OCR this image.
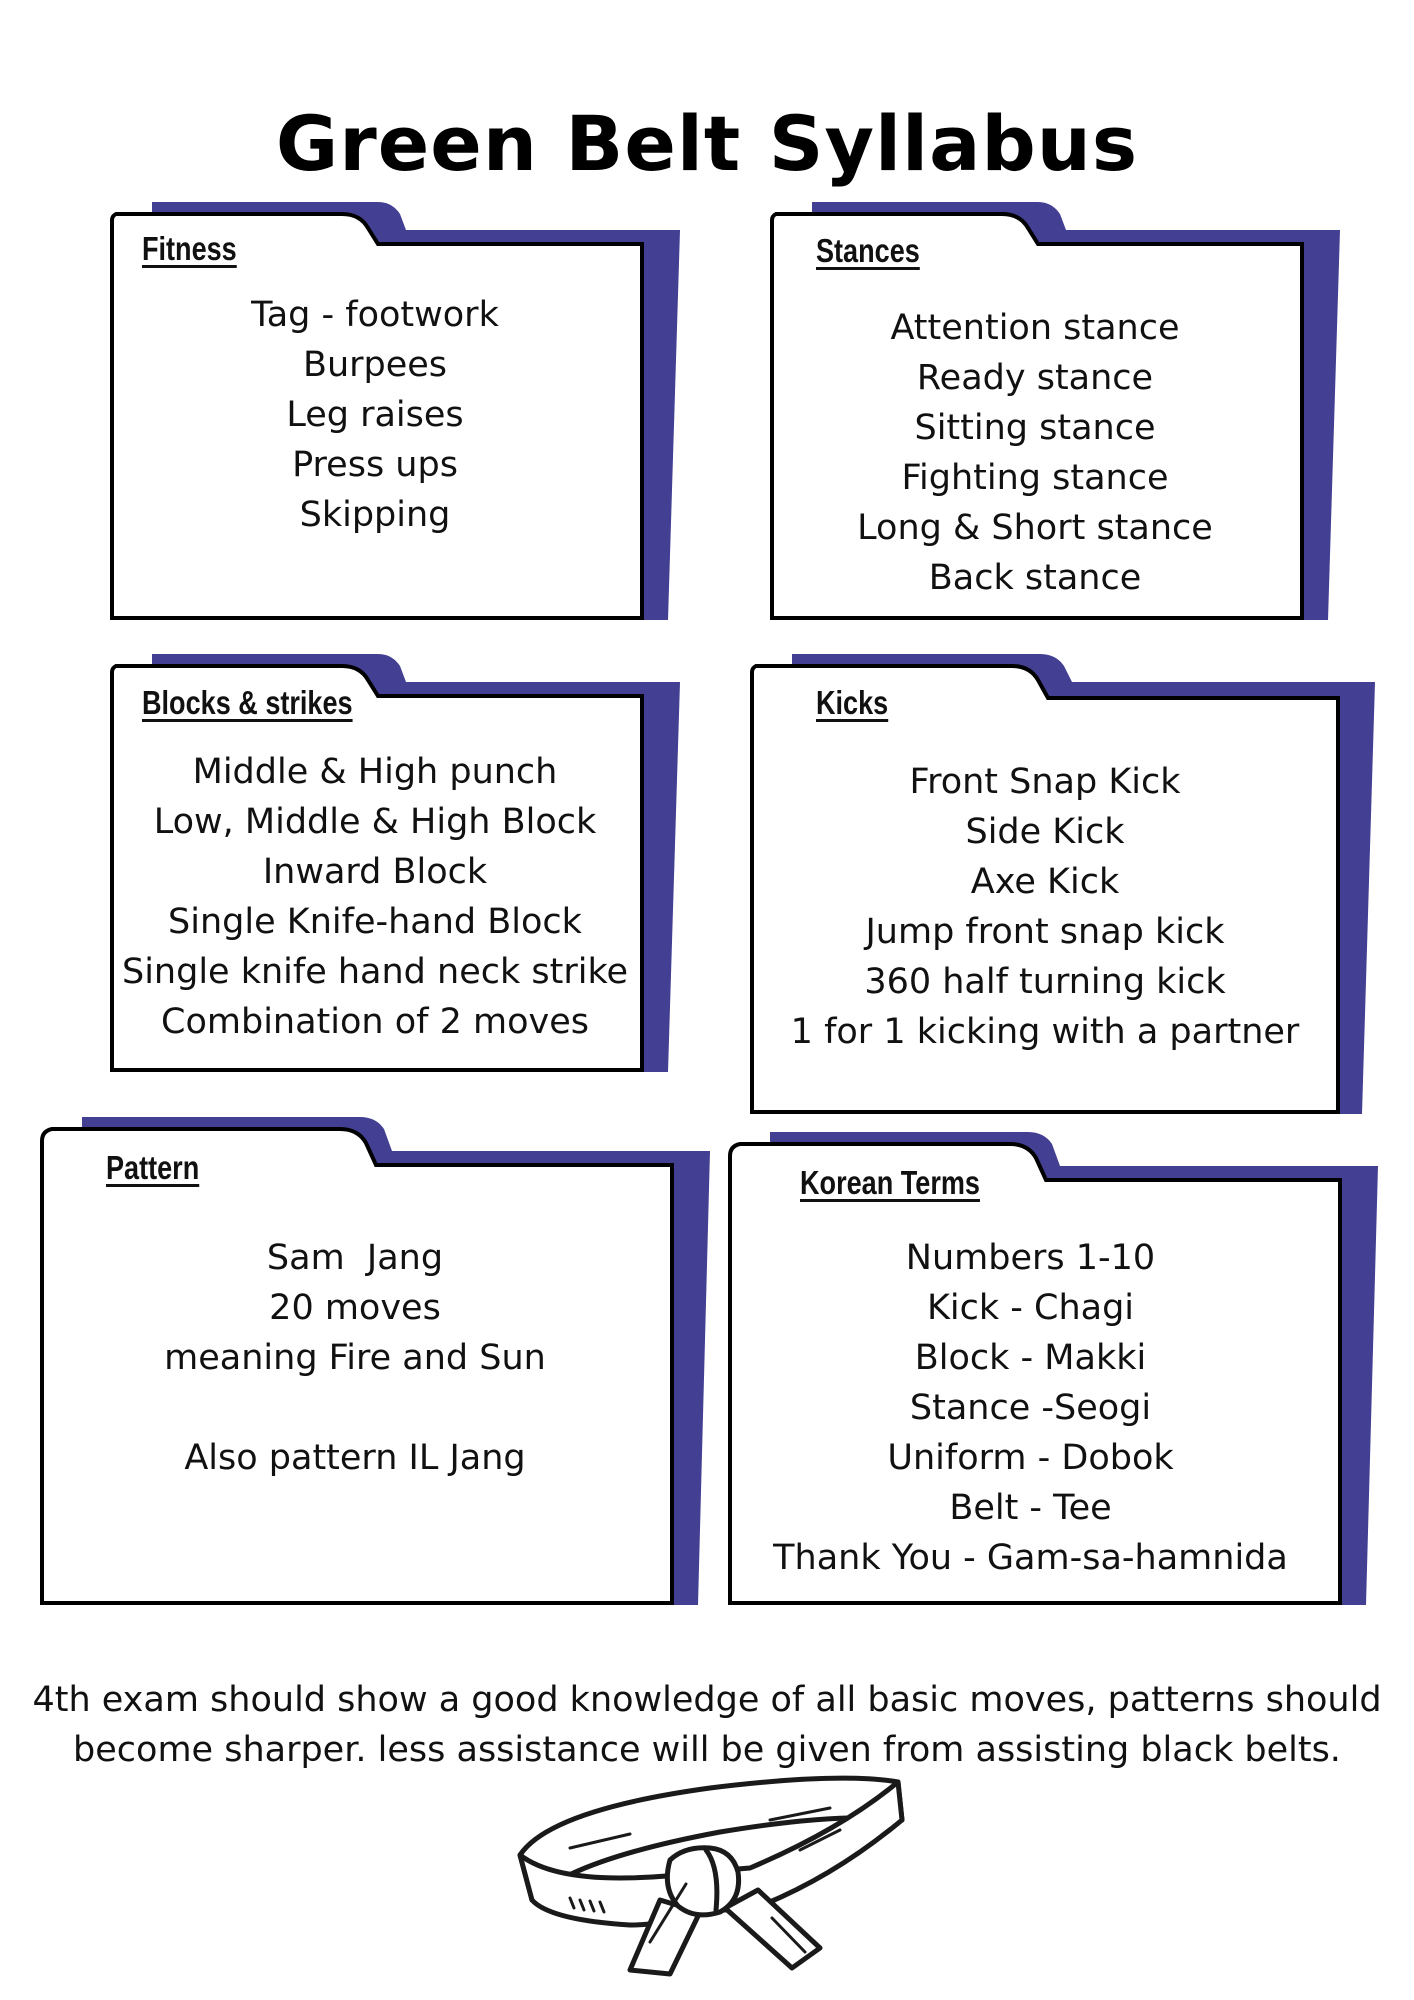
Green Belt Syllabus
Fitness
Tag - footwork
Burpees
Leg raises
Press ups
Skipping
Stances
Attention stance
Ready stance
Sitting stance
Fighting stance
Long & Short stance
Back stance
Blocks & strikes
Middle & High punch
Low, Middle & High Block
Inward Block
Single Knife-hand Block
Single knife hand neck strike
Combination of 2 moves
Kicks
Front Snap Kick
Side Kick
Axe Kick
Jump front snap kick
360 half turning kick
1 for 1 kicking with a partner
Pattern
Sam  Jang
20 moves
meaning Fire and Sun
Also pattern IL Jang
Korean Terms
Numbers 1-10
Kick - Chagi
Block - Makki
Stance -Seogi
Uniform - Dobok
Belt - Tee
Thank You - Gam-sa-hamnida

4th exam should show a good knowledge of all basic moves, patterns should become sharper. less assistance will be given from assisting black belts.
